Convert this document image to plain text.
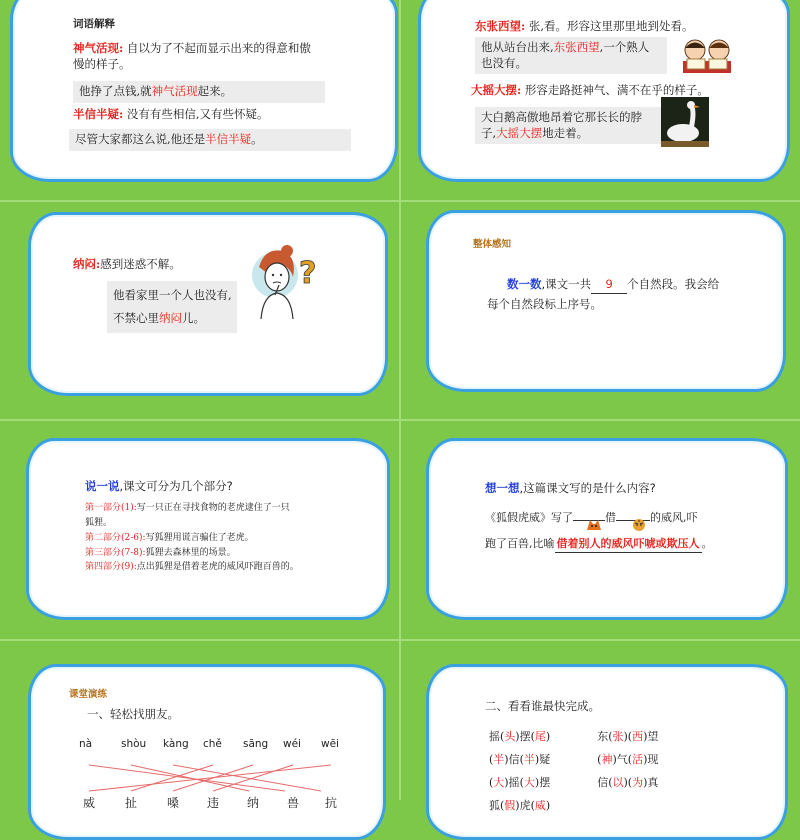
词语解释
神气活现: 自以为了不起而显示出来的得意和傲
慢的样子。
他挣了点钱,就神气活现起来。
半信半疑: 没有有些相信,又有些怀疑。
尽管大家都这么说,他还是半信半疑。
东张西望: 张,看。形容这里那里地到处看。
他从站台出来,东张西望,一个熟人
也没有。
大摇大摆: 形容走路挺神气、满不在乎的样子。
大白鹅高傲地昂着它那长长的脖
子,大摇大摆地走着。
纳闷:感到迷惑不解。
他看家里一个人也没有,
不禁心里纳闷儿。
?
整体感知
数一数,课文一共 9 个自然段。我会给
每个自然段标上序号。
说一说,课文可分为几个部分?
第一部分(1):写一只正在寻找食物的老虎逮住了一只
狐狸。
第二部分(2-6):写狐狸用谎言骗住了老虎。
第三部分(7-8):狐狸去森林里的场景。
第四部分(9):点出狐狸是借着老虎的威风吓跑百兽的。
想一想,这篇课文写的是什么内容?
《狐假虎威》写了	借	的威风,吓
跑了百兽,比喻 借着别人的威风吓唬或欺压人 。
课堂演练
一、轻松找朋友。
nà	shòu kàng chě sāng wéi wēi
威 扯 嗓 违 纳 兽 抗
二、看看谁最快完成。
摇(头)摆(尾)	东(张)(西)望
(半)信(半)疑	(神)气(活)现
(大)摇(大)摆	信(以)(为)真
狐(假)虎(威)
